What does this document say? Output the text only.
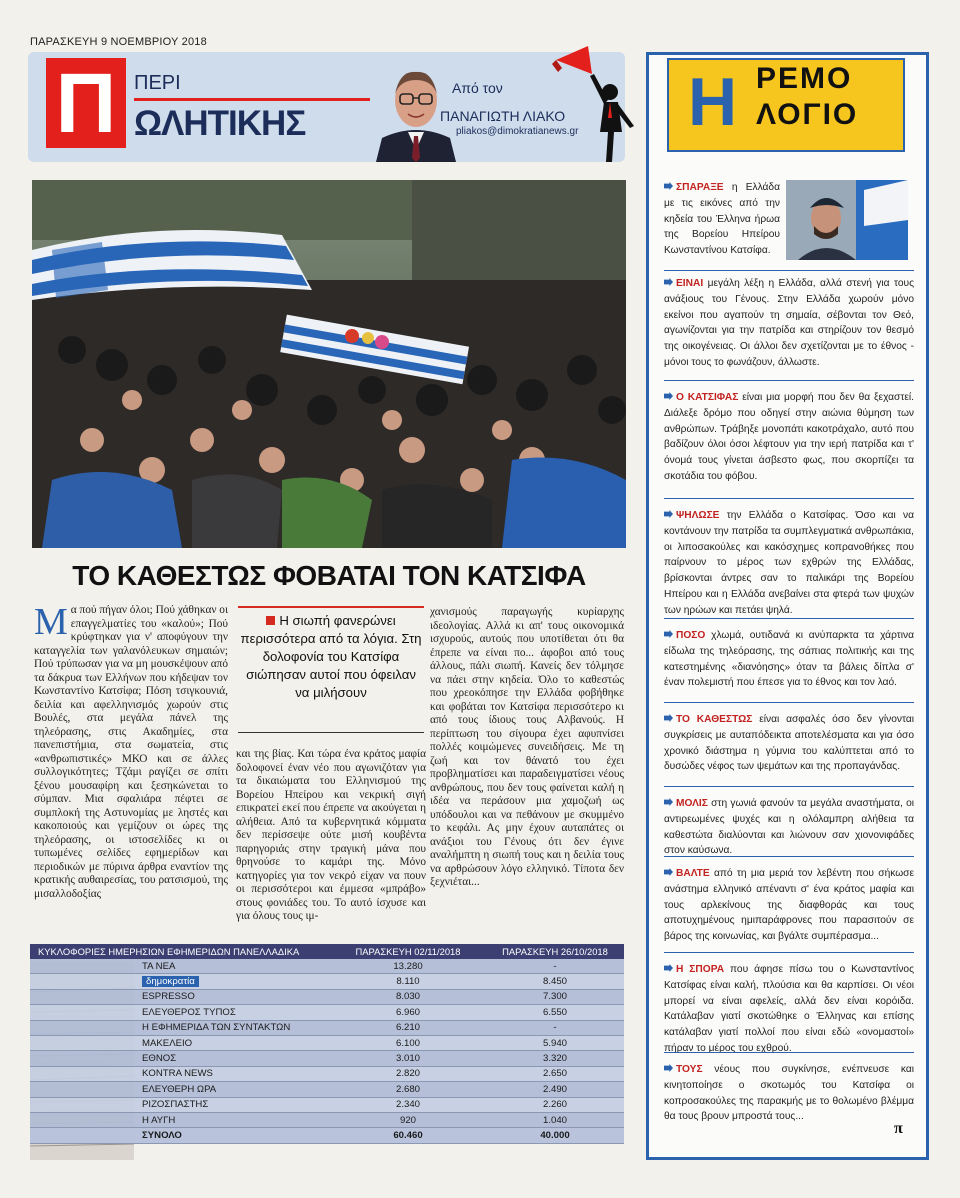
ΠΑΡΑΣΚΕΥΗ 9 ΝΟΕΜΒΡΙΟΥ 2018
Π ΠΕΡΙ
ΩΛΗΤΙΚΗΣ
Από τον
ΠΑΝΑΓΙΩΤΗ ΛΙΑΚΟ
pliakos@dimokratianews.gr
ΤΟ ΚΑΘΕΣΤΩΣ ΦΟΒΑΤΑΙ ΤΟΝ ΚΑΤΣΙΦΑ
Μα πού πήγαν όλοι; Πού χάθηκαν οι επαγγελματίες του «καλού»; Πού κρύφτηκαν για ν' αποφύγουν την καταγγελία των γαλανόλευκων σημαιών; Πού τρύπωσαν για να μη μουσκέψουν από τα δάκρυα των Ελλήνων που κήδεψαν τον Κωνσταντίνο Κατσίφα; Πόση τσιγκουνιά, δειλία και αφελληνισμός χωρούν στις Βουλές, στα μεγάλα πάνελ της τηλεόρασης, στις Ακαδημίες, στα πανεπιστήμια, στα σωματεία, στις «ανθρωπιστικές» ΜΚΟ και σε άλλες συλλογικότητες; Τζάμι ραγίζει σε σπίτι ξένου μουσαφίρη και ξεσηκώνεται το σύμπαν. Μια σφαλιάρα πέφτει σε συμπλοκή της Αστυνομίας με ληστές και κακοποιούς και γεμίζουν οι ώρες της τηλεόρασης, οι ιστοσελίδες κι οι τυπωμένες σελίδες εφημερίδων και περιοδικών με πύρινα άρθρα εναντίον της κρατικής αυθαιρεσίας, του ρατσισμού, της μισαλλοδοξίας
Η σιωπή φανερώνει περισσότερα από τα λόγια. Στη δολοφονία του Κατσίφα σιώπησαν αυτοί που όφειλαν να μιλήσουν
και της βίας. Και τώρα ένα κράτος μαφία δολοφονεί έναν νέο που αγωνιζόταν για τα δικαιώματα του Ελληνισμού της Βορείου Ηπείρου και νεκρική σιγή επικρατεί εκεί που έπρεπε να ακούγεται η αλήθεια. Από τα κυβερνητικά κόμματα δεν περίσσεψε ούτε μισή κουβέντα παρηγοριάς στην τραγική μάνα που θρηνούσε το καμάρι της. Μόνο κατηγορίες για τον νεκρό είχαν να πουν οι περισσότεροι και έμμεσα «μπράβο» στους φονιάδες του. Το αυτό ίσχυσε και για όλους τους ιμ-
χανισμούς παραγωγής κυρίαρχης ιδεολογίας. Αλλά κι απ' τους οικονομικά ισχυρούς, αυτούς που υποτίθεται ότι θα έπρεπε να είναι πο... άφοβοι από τους άλλους, πάλι σιωπή. Κανείς δεν τόλμησε να πάει στην κηδεία. Όλο το καθεστώς που χρεοκόπησε την Ελλάδα φοβήθηκε και φοβάται τον Κατσίφα περισσότερο κι από τους ίδιους τους Αλβανούς. Η περίπτωση του σίγουρα έχει αφυπνίσει πολλές κοιμώμενες συνειδήσεις. Με τη ζωή και τον θάνατό του έχει προβληματίσει και παραδειγματίσει νέους ανθρώπους, που δεν τους φαίνεται καλή η ιδέα να περάσουν μια χαμοζωή ως υπόδουλοι και να πεθάνουν με σκυμμένο το κεφάλι. Ας μην έχουν αυταπάτες οι ανάξιοι του Γένους ότι δεν έγινε αναλήμπτη η σιωπή τους και η δειλία τους να αρθρώσουν λόγο ελληνικό. Τίποτα δεν ξεχνιέται...
ΚΥΚΛΟΦΟΡΙΕΣ ΗΜΕΡΗΣΙΩΝ ΕΦΗΜΕΡΙΔΩΝ ΠΑΝΕΛΛΑΔΙΚΑ	ΠΑΡΑΣΚΕΥΗ 02/11/2018	ΠΑΡΑΣΚΕΥΗ 26/10/2018
ΤΑ ΝΕΑ	13.280	-
δημοκρατία	8.110	8.450
ESPRESSO	8.030	7.300
ΕΛΕΥΘΕΡΟΣ ΤΥΠΟΣ	6.960	6.550
Η ΕΦΗΜΕΡΙΔΑ ΤΩΝ ΣΥΝΤΑΚΤΩΝ	6.210	-
ΜΑΚΕΛΕΙΟ	6.100	5.940
ΕΘΝΟΣ	3.010	3.320
KONTRA NEWS	2.820	2.650
ΕΛΕΥΘΕΡΗ ΩΡΑ	2.680	2.490
ΡΙΖΟΣΠΑΣΤΗΣ	2.340	2.260
Η ΑΥΓΗ	920	1.040
ΣΥΝΟΛΟ	60.460	40.000
Η ΡΕΜΟ
ΛΟΓΙΟ
ΣΠΑΡΑΞΕ η Ελλάδα με τις εικόνες από την κηδεία του Έλληνα ήρωα της Βορείου Ηπείρου Κωνσταντίνου Κατσίφα.
ΕΙΝΑΙ μεγάλη λέξη η Ελλάδα, αλλά στενή για τους ανάξιους του Γένους. Στην Ελλάδα χωρούν μόνο εκείνοι που αγαπούν τη σημαία, σέβονται τον Θεό, αγωνίζονται για την πατρίδα και στηρίζουν τον θεσμό της οικογένειας. Οι άλλοι δεν σχετίζονται με το έθνος - μόνοι τους το φωνάζουν, άλλωστε.
Ο ΚΑΤΣΙΦΑΣ είναι μια μορφή που δεν θα ξεχαστεί. Διάλεξε δρόμο που οδηγεί στην αιώνια θύμηση των ανθρώπων. Τράβηξε μονοπάτι κακοτράχαλο, αυτό που βαδίζουν όλοι όσοι λέφτουν για την ιερή πατρίδα και τ' όνομά τους γίνεται άσβεστο φως, που σκορπίζει τα σκοτάδια του φόβου.
ΨΗΛΩΣΕ την Ελλάδα ο Κατσίφας. Όσο και να κοντάνουν την πατρίδα τα συμπλεγματικά ανθρωπάκια, οι λιποσακούλες και κακόσχημες κοπρανοθήκες που παίρνουν το μέρος των εχθρών της Ελλάδας, βρίσκονται άντρες σαν το παλικάρι της Βορείου Ηπείρου και η Ελλάδα ανεβαίνει στα φτερά των ψυχών των ηρώων και πετάει ψηλά.
ΠΟΣΟ χλωμά, ουτιδανά κι ανύπαρκτα τα χάρτινα είδωλα της τηλεόρασης, της σάπιας πολιτικής και της κατεστημένης «διανόησης» όταν τα βάλεις δίπλα σ' έναν πολεμιστή που έπεσε για το έθνος και τον λαό.
ΤΟ ΚΑΘΕΣΤΩΣ είναι ασφαλές όσο δεν γίνονται συγκρίσεις με αυταπόδεικτα αποτελέσματα και για όσο χρονικό διάστημα η γύμνια του καλύπτεται από το δυσώδες νέφος των ψεμάτων και της προπαγάνδας.
ΜΟΛΙΣ στη γωνιά φανούν τα μεγάλα αναστήματα, οι αντιρεωμένες ψυχές και η ολόλαμπρη αλήθεια τα καθεστώτα διαλύονται και λιώνουν σαν χιονονιφάδες στον καύσωνα.
ΒΑΛΤΕ από τη μια μεριά τον λεβέντη που σήκωσε ανάστημα ελληνικό απέναντι σ' ένα κράτος μαφία και τους αρλεκίνους της διαφθοράς και τους αποτυχημένους ημιπαράφρονες που παρασιτούν σε βάρος της κοινωνίας, και βγάλτε συμπέρασμα...
Η ΣΠΟΡΑ που άφησε πίσω του ο Κωνσταντίνος Κατσίφας είναι καλή, πλούσια και θα καρπίσει. Οι νέοι μπορεί να είναι αφελείς, αλλά δεν είναι κορόιδα. Κατάλαβαν γιατί σκοτώθηκε ο Έλληνας και επίσης κατάλαβαν γιατί πολλοί που είναι εδώ «ονομαστοί» πήραν το μέρος του εχθρού.
ΤΟΥΣ νέους που συγκίνησε, ενέπνευσε και κινητοποίησε ο σκοτωμός του Κατσίφα οι κοπροσακούλες της παρακμής με το θολωμένο βλέμμα θα τους βρουν μπροστά τους...
π
